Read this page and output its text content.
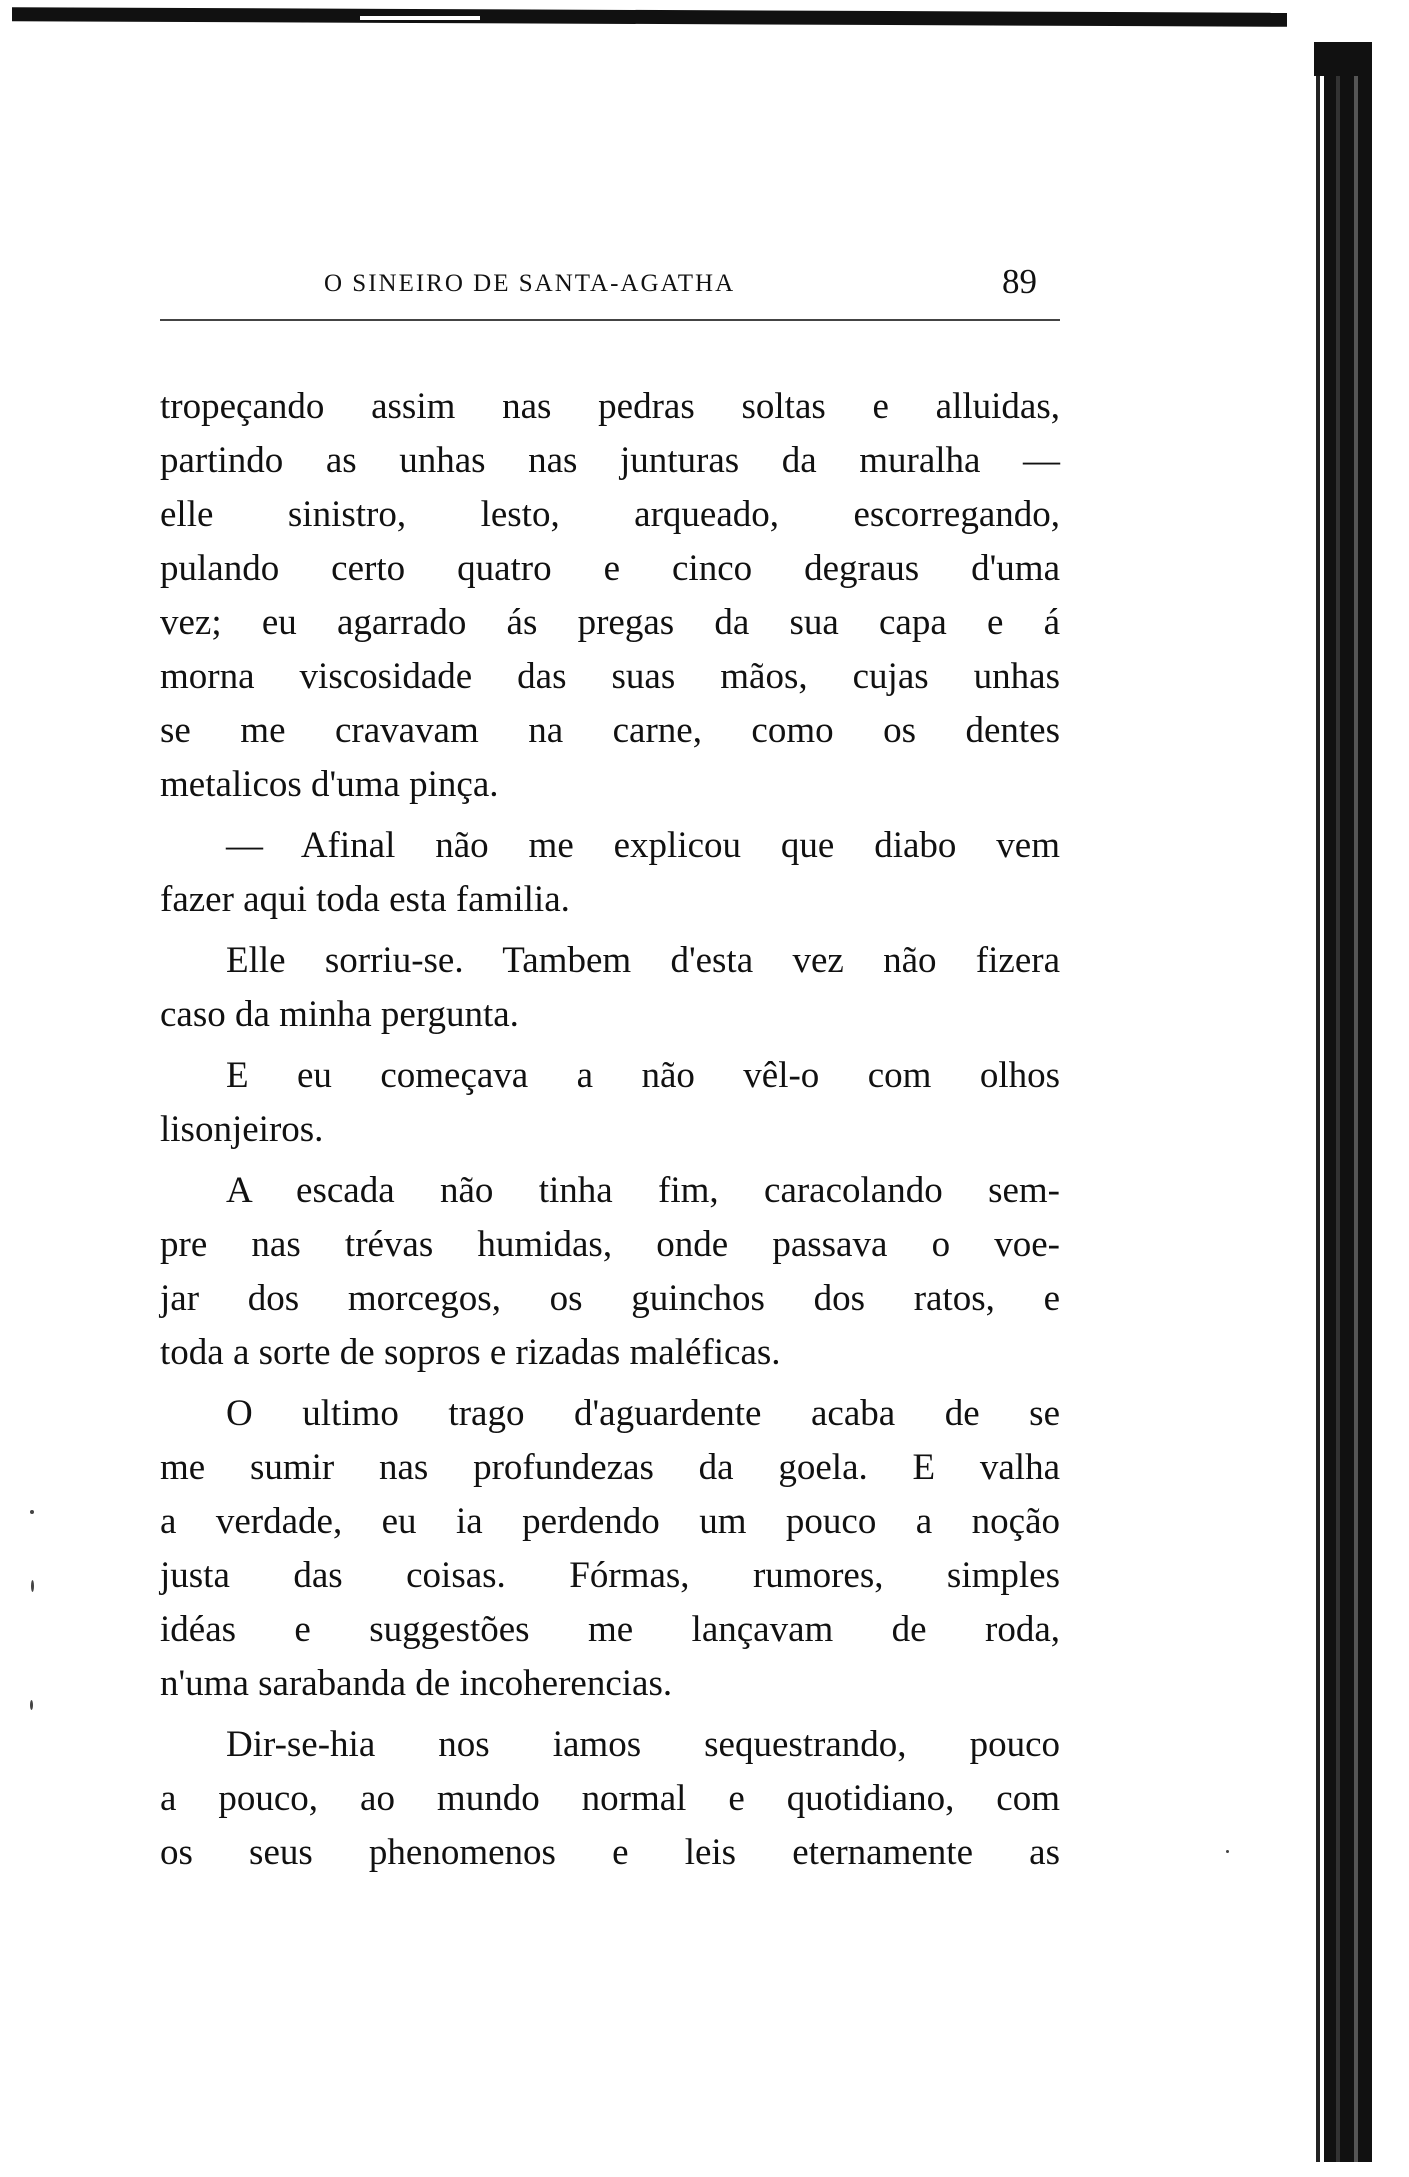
O SINEIRO DE SANTA-AGATHA	89
tropeçando assim nas pedras soltas e alluidas,
partindo as unhas nas junturas da muralha —
elle sinistro, lesto, arqueado, escorregando,
pulando certo quatro e cinco degraus d'uma
vez; eu agarrado ás pregas da sua capa e á
morna viscosidade das suas mãos, cujas unhas
se me cravavam na carne, como os dentes
metalicos d'uma pinça.
— Afinal não me explicou que diabo vem
fazer aqui toda esta familia.
Elle sorriu-se. Tambem d'esta vez não fizera
caso da minha pergunta.
E eu começava a não vêl-o com olhos
lisonjeiros.
A escada não tinha fim, caracolando sem-
pre nas trévas humidas, onde passava o voe-
jar dos morcegos, os guinchos dos ratos, e
toda a sorte de sopros e rizadas maléficas.
O ultimo trago d'aguardente acaba de se
me sumir nas profundezas da goela. E valha
a verdade, eu ia perdendo um pouco a noção
justa das coisas. Fórmas, rumores, simples
idéas e suggestões me lançavam de roda,
n'uma sarabanda de incoherencias.
Dir-se-hia nos iamos sequestrando, pouco
a pouco, ao mundo normal e quotidiano, com
os seus phenomenos e leis eternamente as
